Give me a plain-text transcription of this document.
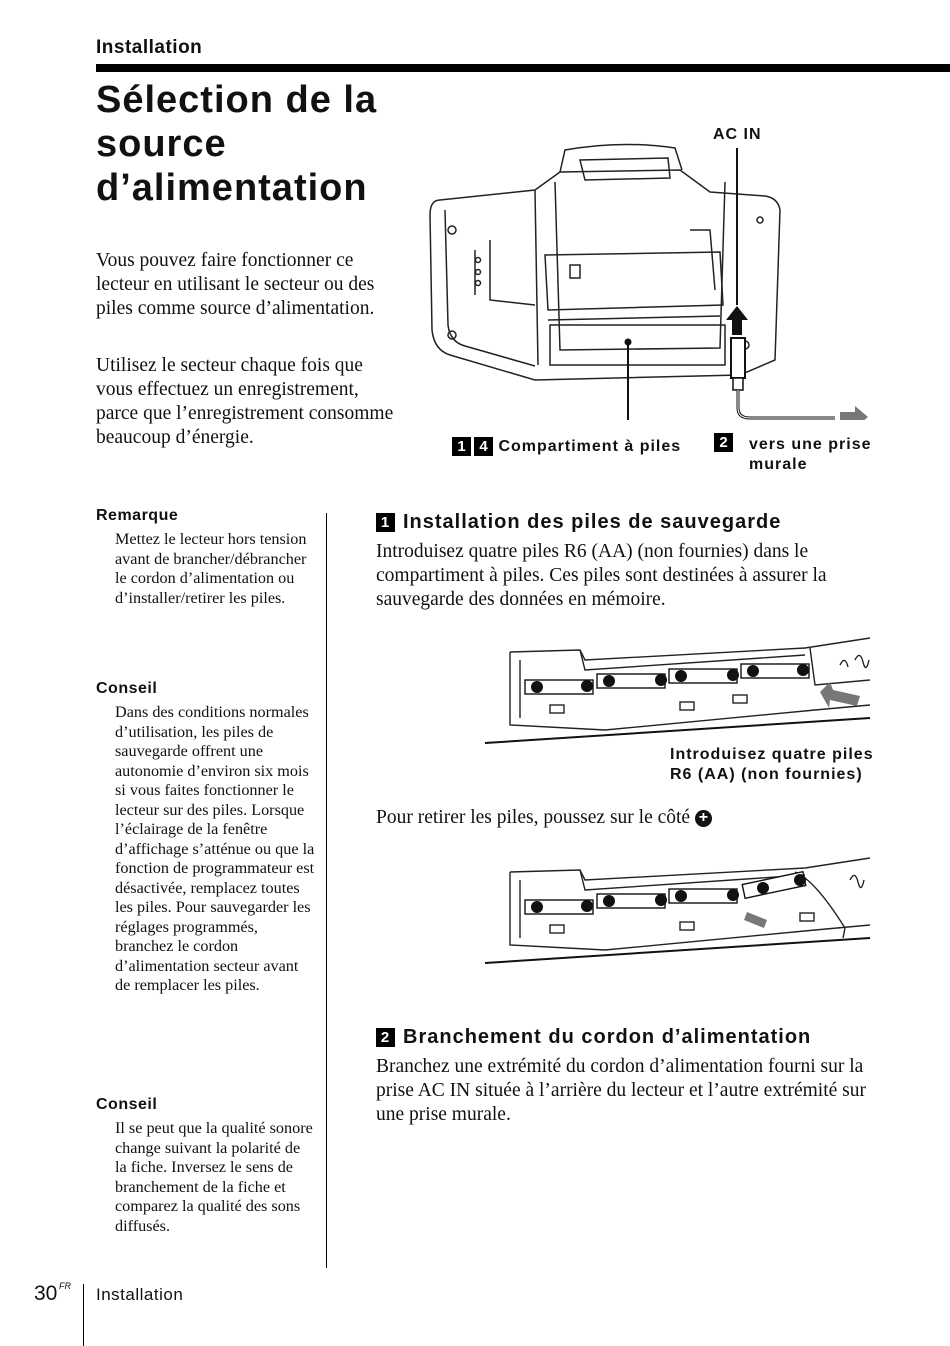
Installation
Sélection de la source d’alimentation

Vous pouvez faire fonctionner ce lecteur en utilisant le secteur ou des piles comme source d’alimentation.

Utilisez le secteur chaque fois que vous effectuez un enregistrement, parce que l’enregistrement consomme beaucoup d’énergie.

AC IN
1 4 Compartiment à piles	2	vers une prise murale
Remarque

Mettez le lecteur hors tension avant de brancher/débrancher le cordon d’alimentation ou d’installer/retirer les piles.

Conseil

Dans des conditions normales d’utilisation, les piles de sauvegarde offrent une autonomie d’environ six mois si vous faites fonctionner le lecteur sur des piles. Lorsque l’éclairage de la fenêtre d’affichage s’atténue ou que la fonction de programmateur est désactivée, remplacez toutes les piles. Pour sauvegarder les réglages programmés, branchez le cordon d’alimentation secteur avant de remplacer les piles.

Conseil

Il se peut que la qualité sonore change suivant la polarité de la fiche. Inversez le sens de branchement de la fiche et comparez la qualité des sons diffusés.

1 Installation des piles de sauvegarde

Introduisez quatre piles R6 (AA) (non fournies) dans le compartiment à piles. Ces piles sont destinées à assurer la sauvegarde des données en mémoire.

Introduisez quatre piles R6 (AA) (non fournies)

Pour retirer les piles, poussez sur le côté +

2 Branchement du cordon d’alimentation

Branchez une extrémité du cordon d’alimentation fourni sur la prise AC IN située à l’arrière du lecteur et l’autre extrémité sur une prise murale.

30 FR Installation
